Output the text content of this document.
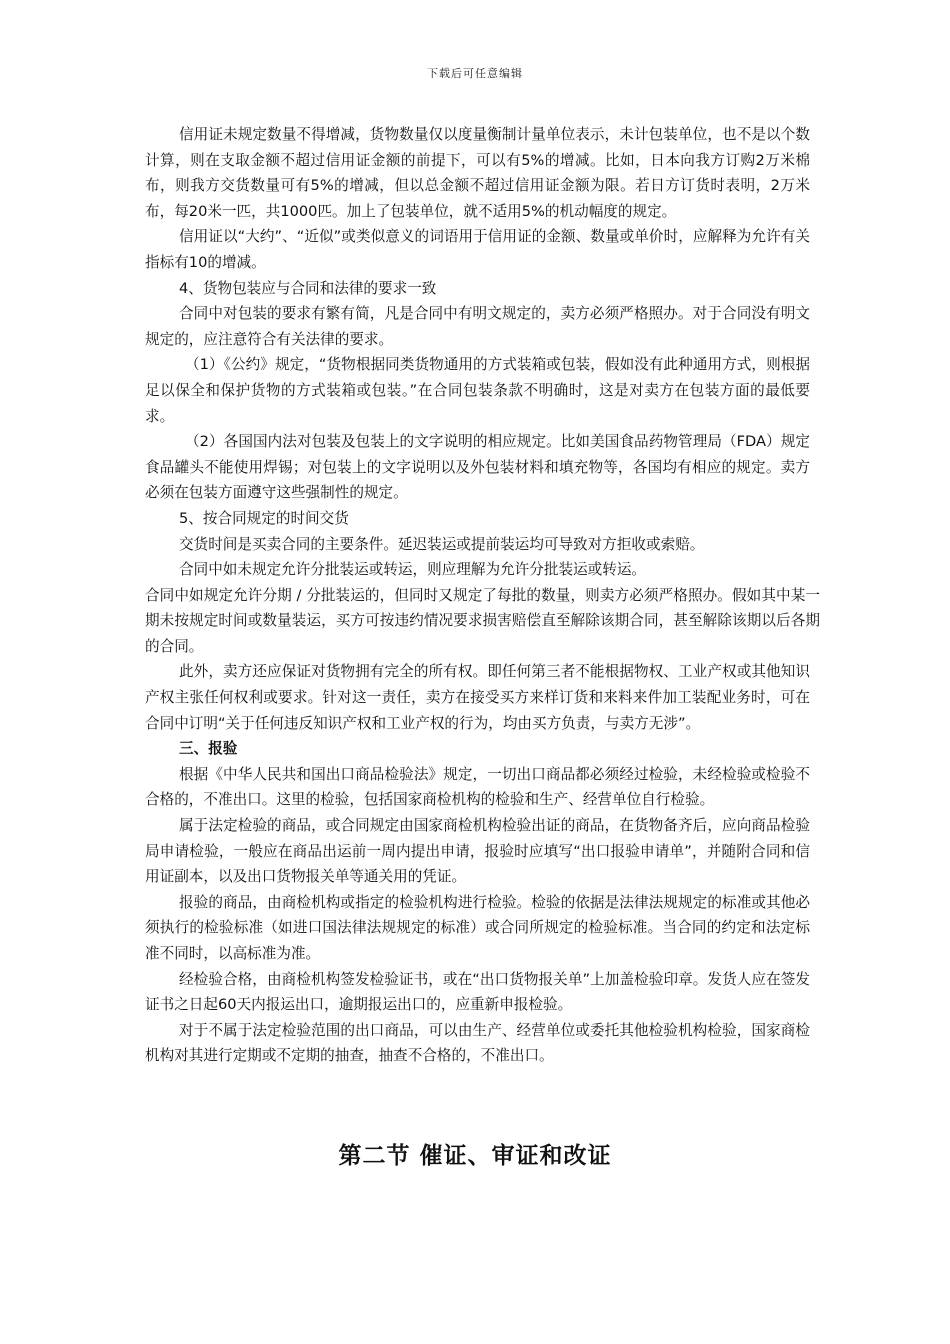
下载后可任意编辑

信用证未规定数量不得增减，货物数量仅以度量衡制计量单位表示，未计包装单位，也不是以个数计算，则在支取金额不超过信用证金额的前提下，可以有5%的增减。比如，日本向我方订购2万米棉布，则我方交货数量可有5%的增减，但以总金额不超过信用证金额为限。若日方订货时表明，2万米布，每20米一匹，共1000匹。加上了包装单位，就不适用5%的机动幅度的规定。

信用证以“大约”、“近似”或类似意义的词语用于信用证的金额、数量或单价时，应解释为允许有关指标有10的增减。

4、货物包装应与合同和法律的要求一致

合同中对包装的要求有繁有简，凡是合同中有明文规定的，卖方必须严格照办。对于合同没有明文规定的，应注意符合有关法律的要求。

（1）《公约》规定，“货物根据同类货物通用的方式装箱或包装，假如没有此种通用方式，则根据足以保全和保护货物的方式装箱或包装。”在合同包装条款不明确时，这是对卖方在包装方面的最低要求。

（2）各国国内法对包装及包装上的文字说明的相应规定。比如美国食品药物管理局（FDA）规定食品罐头不能使用焊锡；对包装上的文字说明以及外包装材料和填充物等，各国均有相应的规定。卖方必须在包装方面遵守这些强制性的规定。

5、按合同规定的时间交货

交货时间是买卖合同的主要条件。延迟装运或提前装运均可导致对方拒收或索赔。

合同中如未规定允许分批装运或转运，则应理解为允许分批装运或转运。

合同中如规定允许分期 / 分批装运的，但同时又规定了每批的数量，则卖方必须严格照办。假如其中某一期未按规定时间或数量装运，买方可按违约情况要求损害赔偿直至解除该期合同，甚至解除该期以后各期的合同。

此外，卖方还应保证对货物拥有完全的所有权。即任何第三者不能根据物权、工业产权或其他知识产权主张任何权利或要求。针对这一责任，卖方在接受买方来样订货和来料来件加工装配业务时，可在合同中订明“关于任何违反知识产权和工业产权的行为，均由买方负责，与卖方无涉”。

三、报验

根据《中华人民共和国出口商品检验法》规定，一切出口商品都必须经过检验，未经检验或检验不合格的，不准出口。这里的检验，包括国家商检机构的检验和生产、经营单位自行检验。

属于法定检验的商品，或合同规定由国家商检机构检验出证的商品，在货物备齐后，应向商品检验局申请检验，一般应在商品出运前一周内提出申请，报验时应填写“出口报验申请单”，并随附合同和信用证副本，以及出口货物报关单等通关用的凭证。

报验的商品，由商检机构或指定的检验机构进行检验。检验的依据是法律法规规定的标准或其他必须执行的检验标准（如进口国法律法规规定的标准）或合同所规定的检验标准。当合同的约定和法定标准不同时，以高标准为准。

经检验合格，由商检机构签发检验证书，或在“出口货物报关单”上加盖检验印章。发货人应在签发证书之日起60天内报运出口，逾期报运出口的，应重新申报检验。

对于不属于法定检验范围的出口商品，可以由生产、经营单位或委托其他检验机构检验，国家商检机构对其进行定期或不定期的抽查，抽查不合格的，不准出口。

第二节 催证、审证和改证
